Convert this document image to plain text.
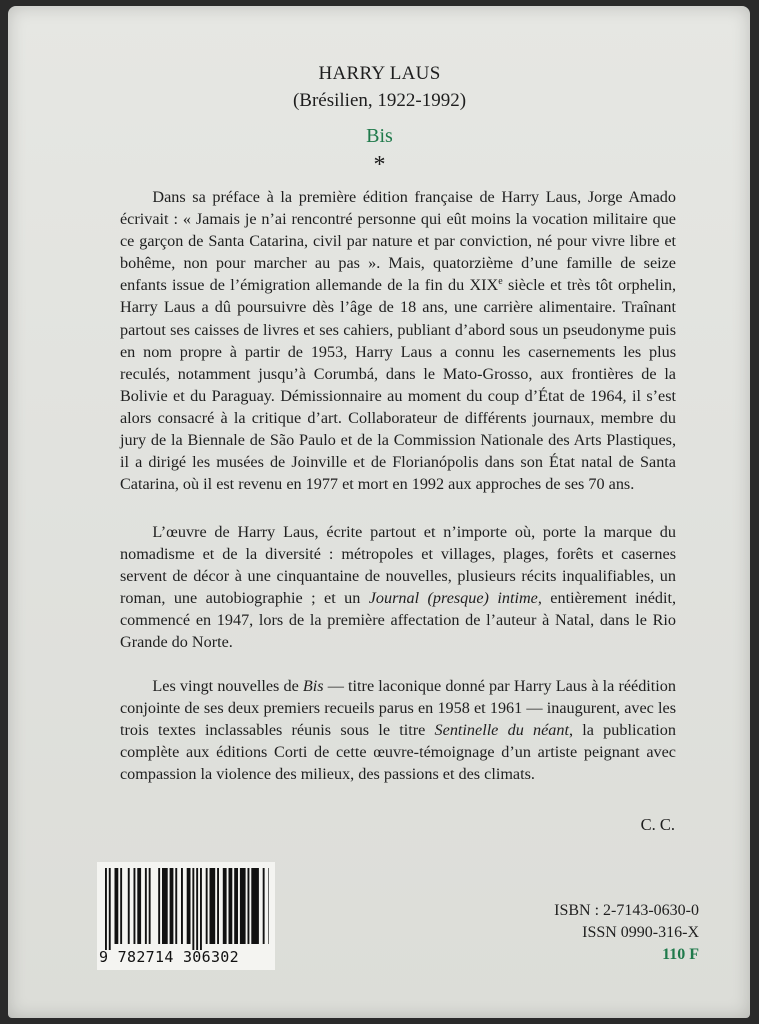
HARRY LAUS
(Brésilien, 1922-1992)
Bis
*

Dans sa préface à la première édition française de Harry Laus, Jorge Amado écrivait : « Jamais je n’ai rencontré personne qui eût moins la vocation militaire que ce garçon de Santa Catarina, civil par nature et par conviction, né pour vivre libre et bohême, non pour marcher au pas ». Mais, quatorzième d’une famille de seize enfants issue de l’émigration allemande de la fin du XIXe siècle et très tôt orphelin, Harry Laus a dû poursuivre dès l’âge de 18 ans, une carrière alimentaire. Traînant partout ses caisses de livres et ses cahiers, publiant d’abord sous un pseudonyme puis en nom propre à partir de 1953, Harry Laus a connu les casernements les plus reculés, notamment jusqu’à Corumbá, dans le Mato-Grosso, aux frontières de la Bolivie et du Paraguay. Démissionnaire au moment du coup d’État de 1964, il s’est alors consacré à la critique d’art. Collaborateur de différents journaux, membre du jury de la Biennale de São Paulo et de la Commission Nationale des Arts Plastiques, il a dirigé les musées de Joinville et de Florianópolis dans son État natal de Santa Catarina, où il est revenu en 1977 et mort en 1992 aux approches de ses 70 ans.

L’œuvre de Harry Laus, écrite partout et n’importe où, porte la marque du nomadisme et de la diversité : métropoles et villages, plages, forêts et casernes servent de décor à une cinquantaine de nouvelles, plusieurs récits inqualifiables, un roman, une autobiographie ; et un Journal (presque) intime, entièrement inédit, commencé en 1947, lors de la première affectation de l’auteur à Natal, dans le Rio Grande do Norte.

Les vingt nouvelles de Bis — titre laconique donné par Harry Laus à la réédition conjointe de ses deux premiers recueils parus en 1958 et 1961 — inaugurent, avec les trois textes inclassables réunis sous le titre Sentinelle du néant, la publication complète aux éditions Corti de cette œuvre-témoignage d’un artiste peignant avec compassion la violence des milieux, des passions et des climats.

C. C.
9 782714 306302
ISBN : 2-7143-0630-0
ISSN 0990-316-X
110 F
